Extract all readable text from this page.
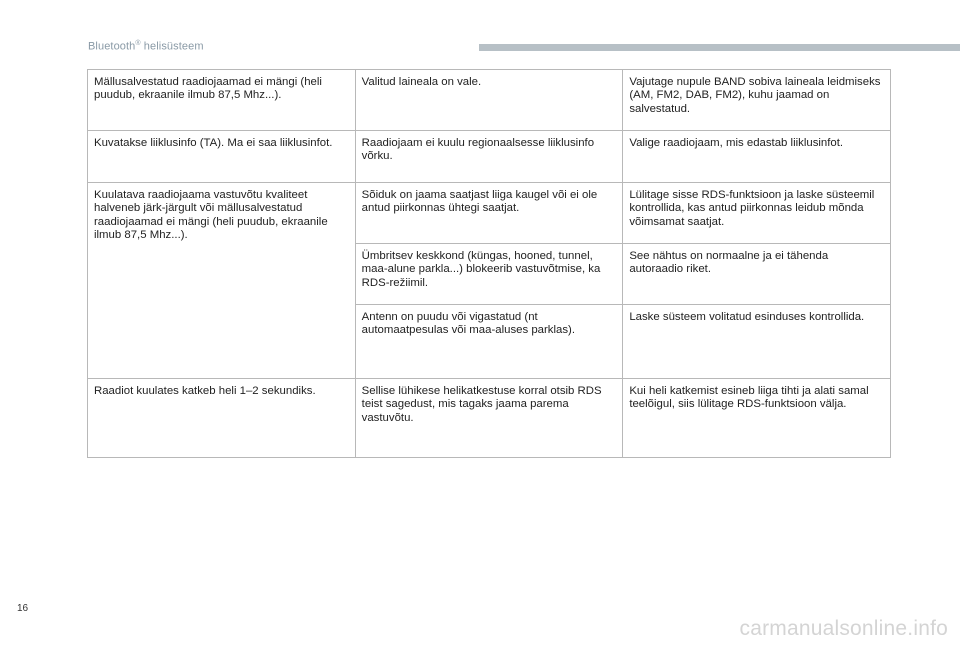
Bluetooth® helisüsteem
Mällusalvestatud raadiojaamad ei mängi (heli puudub, ekraanile ilmub 87,5 Mhz...).	Valitud laineala on vale.	Vajutage nupule BAND sobiva laineala leidmiseks (AM, FM2, DAB, FM2), kuhu jaamad on salvestatud.
Kuvatakse liiklusinfo (TA). Ma ei saa liiklusinfot.	Raadiojaam ei kuulu regionaalsesse liiklusinfo võrku.	Valige raadiojaam, mis edastab liiklusinfot.
Kuulatava raadiojaama vastuvõtu kvaliteet halveneb järk-järgult või mällusalvestatud raadiojaamad ei mängi (heli puudub, ekraanile ilmub 87,5 Mhz...).	Sõiduk on jaama saatjast liiga kaugel või ei ole antud piirkonnas ühtegi saatjat.	Lülitage sisse RDS-funktsioon ja laske süsteemil kontrollida, kas antud piirkonnas leidub mõnda võimsamat saatjat.
	Ümbritsev keskkond (küngas, hooned, tunnel, maa-alune parkla...) blokeerib vastuvõtmise, ka RDS-režiimil.	See nähtus on normaalne ja ei tähenda autoraadio riket.
	Antenn on puudu või vigastatud (nt automaatpesulas või maa-aluses parklas).	Laske süsteem volitatud esinduses kontrollida.
Raadiot kuulates katkeb heli 1–2 sekundiks.	Sellise lühikese helikatkestuse korral otsib RDS teist sagedust, mis tagaks jaama parema vastuvõtu.	Kui heli katkemist esineb liiga tihti ja alati samal teelõigul, siis lülitage RDS-funktsioon välja.
16
carmanualsonline.info
